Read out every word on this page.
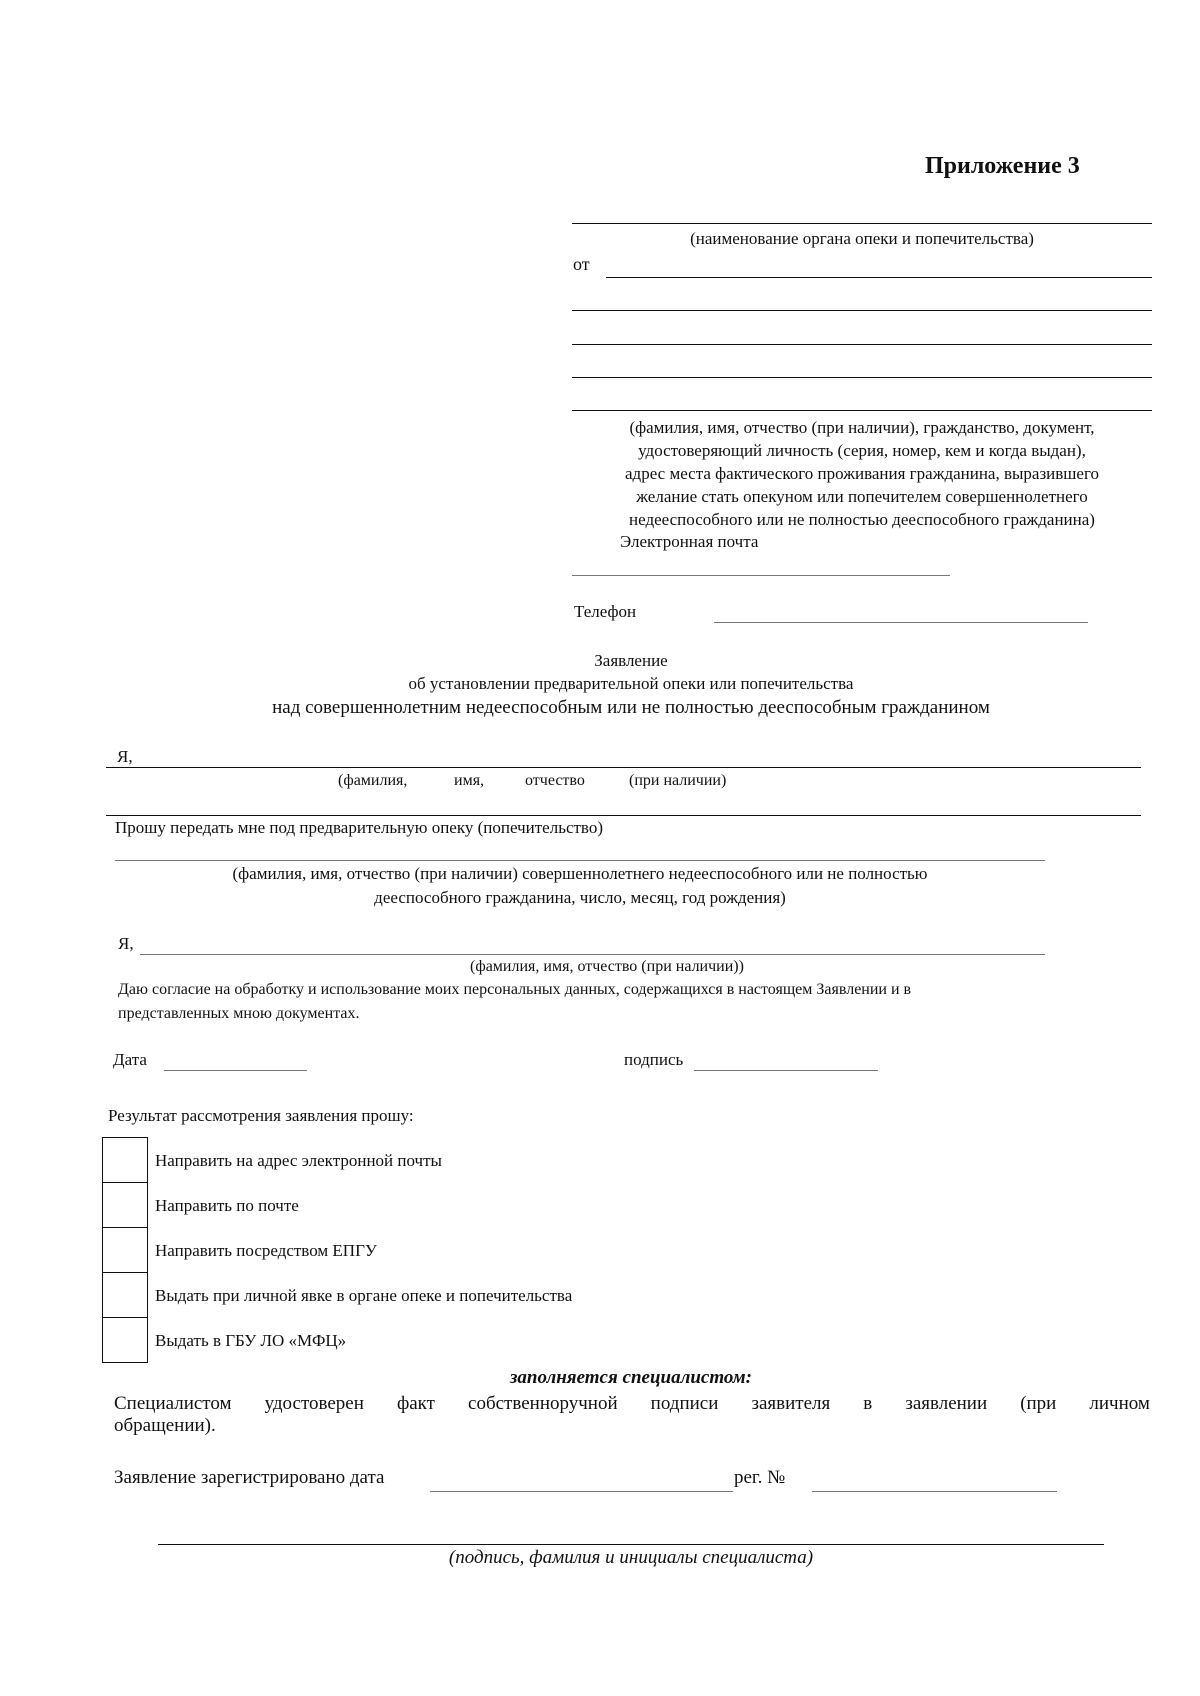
Приложение 3
(наименование органа опеки и попечительства)
от
(фамилия, имя, отчество (при наличии), гражданство, документ,
удостоверяющий личность (серия, номер, кем и когда выдан),
адрес места фактического проживания гражданина, выразившего
желание стать опекуном или попечителем совершеннолетнего
недееспособного или не полностью дееспособного гражданина)
Электронная почта
Телефон
Заявление
об установлении предварительной опеки или попечительства
над совершеннолетним недееспособным или не полностью дееспособным гражданином
Я,
(фамилия,	имя,	отчество	(при наличии)
Прошу передать мне под предварительную опеку (попечительство)
(фамилия, имя, отчество (при наличии) совершеннолетнего недееспособного или не полностью
дееспособного гражданина, число, месяц, год рождения)
Я,
(фамилия, имя, отчество (при наличии))
Даю согласие на обработку и использование моих персональных данных, содержащихся в настоящем Заявлении и в
представленных мною документах.
Дата	подпись
Результат рассмотрения заявления прошу:
Направить на адрес электронной почты
Направить по почте
Направить посредством ЕПГУ
Выдать при личной явке в органе опеке и попечительства
Выдать в ГБУ ЛО «МФЦ»
заполняется специалистом:
Специалистом удостоверен факт собственноручной подписи заявителя в заявлении (при личном
обращении).
Заявление зарегистрировано дата	рег. №
(подпись, фамилия и инициалы специалиста)
